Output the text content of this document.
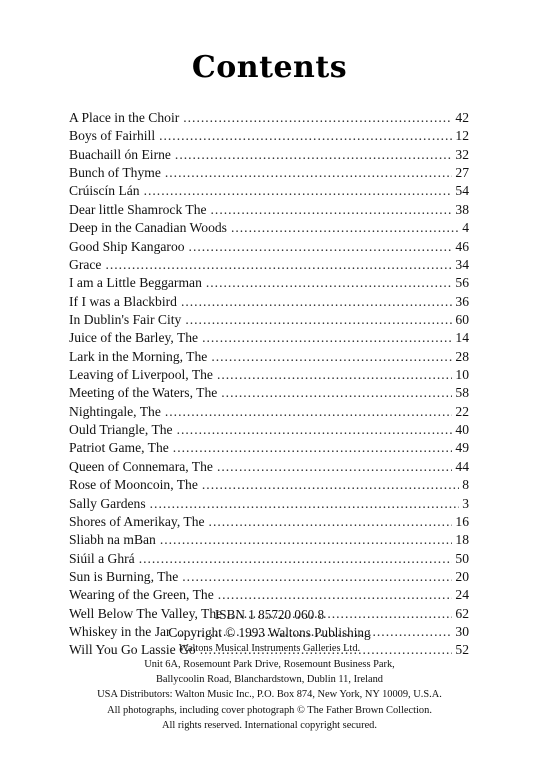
Contents
A Place in the Choir .....	42
Boys of Fairhill .....	12
Buachaill ón Eirne .....	32
Bunch of Thyme .....	27
Crúiscín Lán .....	54
Dear little Shamrock The .....	38
Deep in the Canadian Woods .....	4
Good Ship Kangaroo .....	46
Grace .....	34
I am a Little Beggarman .....	56
If I was a Blackbird .....	36
In Dublin's Fair City .....	60
Juice of the Barley, The .....	14
Lark in the Morning, The .....	28
Leaving of Liverpool, The .....	10
Meeting of the Waters, The .....	58
Nightingale, The .....	22
Ould Triangle, The .....	40
Patriot Game, The .....	49
Queen of Connemara, The .....	44
Rose of Mooncoin, The .....	8
Sally Gardens .....	3
Shores of Amerikay, The .....	16
Sliabh na mBan .....	18
Siúil a Ghrá .....	50
Sun is Burning, The .....	20
Wearing of the Green, The .....	24
Well Below The Valley, The .....	62
Whiskey in the Jar .....	30
Will You Go Lassie Go .....	52
ISBN 1 85720 060 8
Copyright © 1993 Waltons Publishing
Waltons Musical Instruments Galleries Ltd.
Unit 6A, Rosemount Park Drive, Rosemount Business Park,
Ballycoolin Road, Blanchardstown, Dublin 11, Ireland
USA Distributors: Walton Music Inc., P.O. Box 874, New York, NY 10009, U.S.A.
All photographs, including cover photograph © The Father Brown Collection.
All rights reserved. International copyright secured.
